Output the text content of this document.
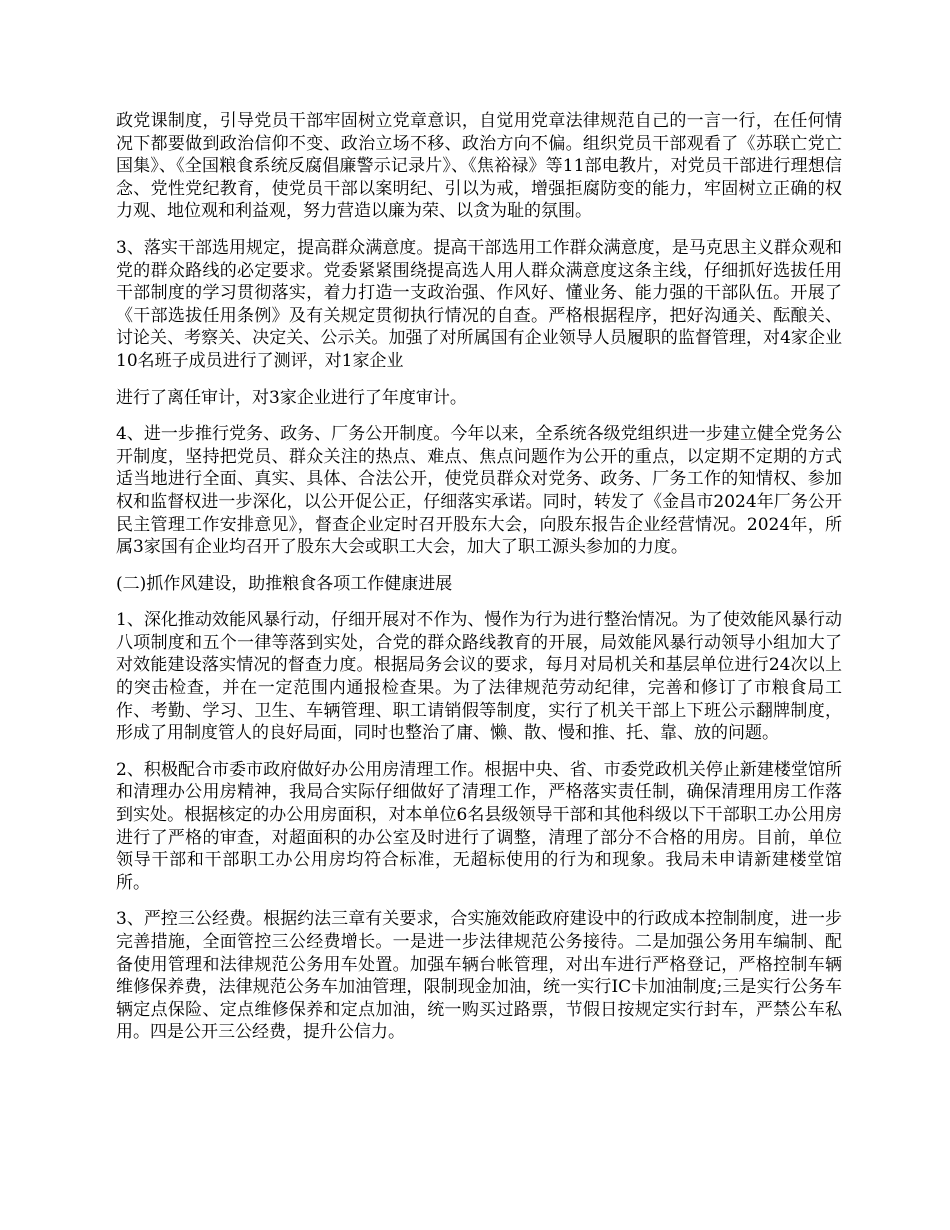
政党课制度，引导党员干部牢固树立党章意识，自觉用党章法律规范自己的一言一行，在任何情况下都要做到政治信仰不变、政治立场不移、政治方向不偏。组织党员干部观看了《苏联亡党亡国集》、《全国粮食系统反腐倡廉警示记录片》、《焦裕禄》等11部电教片，对党员干部进行理想信念、党性党纪教育，使党员干部以案明纪、引以为戒，增强拒腐防变的能力，牢固树立正确的权力观、地位观和利益观，努力营造以廉为荣、以贪为耻的氛围。

3、落实干部选用规定，提高群众满意度。提高干部选用工作群众满意度，是马克思主义群众观和党的群众路线的必定要求。党委紧紧围绕提高选人用人群众满意度这条主线，仔细抓好选拔任用干部制度的学习贯彻落实，着力打造一支政治强、作风好、懂业务、能力强的干部队伍。开展了《干部选拔任用条例》及有关规定贯彻执行情况的自查。严格根据程序，把好沟通关、酝酿关、讨论关、考察关、决定关、公示关。加强了对所属国有企业领导人员履职的监督管理，对4家企业10名班子成员进行了测评，对1家企业

进行了离任审计，对3家企业进行了年度审计。

4、进一步推行党务、政务、厂务公开制度。今年以来，全系统各级党组织进一步建立健全党务公开制度，坚持把党员、群众关注的热点、难点、焦点问题作为公开的重点，以定期不定期的方式适当地进行全面、真实、具体、合法公开，使党员群众对党务、政务、厂务工作的知情权、参加权和监督权进一步深化，以公开促公正，仔细落实承诺。同时，转发了《金昌市2024年厂务公开民主管理工作安排意见》，督查企业定时召开股东大会，向股东报告企业经营情况。2024年，所属3家国有企业均召开了股东大会或职工大会，加大了职工源头参加的力度。

(二)抓作风建设，助推粮食各项工作健康进展

1、深化推动效能风暴行动，仔细开展对不作为、慢作为行为进行整治情况。为了使效能风暴行动八项制度和五个一律等落到实处，合党的群众路线教育的开展，局效能风暴行动领导小组加大了对效能建设落实情况的督查力度。根据局务会议的要求，每月对局机关和基层单位进行24次以上的突击检查，并在一定范围内通报检查果。为了法律规范劳动纪律，完善和修订了市粮食局工作、考勤、学习、卫生、车辆管理、职工请销假等制度，实行了机关干部上下班公示翻牌制度，形成了用制度管人的良好局面，同时也整治了庸、懒、散、慢和推、托、靠、放的问题。

2、积极配合市委市政府做好办公用房清理工作。根据中央、省、市委党政机关停止新建楼堂馆所和清理办公用房精神，我局合实际仔细做好了清理工作，严格落实责任制，确保清理用房工作落到实处。根据核定的办公用房面积，对本单位6名县级领导干部和其他科级以下干部职工办公用房进行了严格的审查，对超面积的办公室及时进行了调整，清理了部分不合格的用房。目前，单位领导干部和干部职工办公用房均符合标准，无超标使用的行为和现象。我局未申请新建楼堂馆所。

3、严控三公经费。根据约法三章有关要求，合实施效能政府建设中的行政成本控制制度，进一步完善措施，全面管控三公经费增长。一是进一步法律规范公务接待。二是加强公务用车编制、配备使用管理和法律规范公务用车处置。加强车辆台帐管理，对出车进行严格登记，严格控制车辆维修保养费，法律规范公务车加油管理，限制现金加油，统一实行IC卡加油制度;三是实行公务车辆定点保险、定点维修保养和定点加油，统一购买过路票，节假日按规定实行封车，严禁公车私用。四是公开三公经费，提升公信力。
